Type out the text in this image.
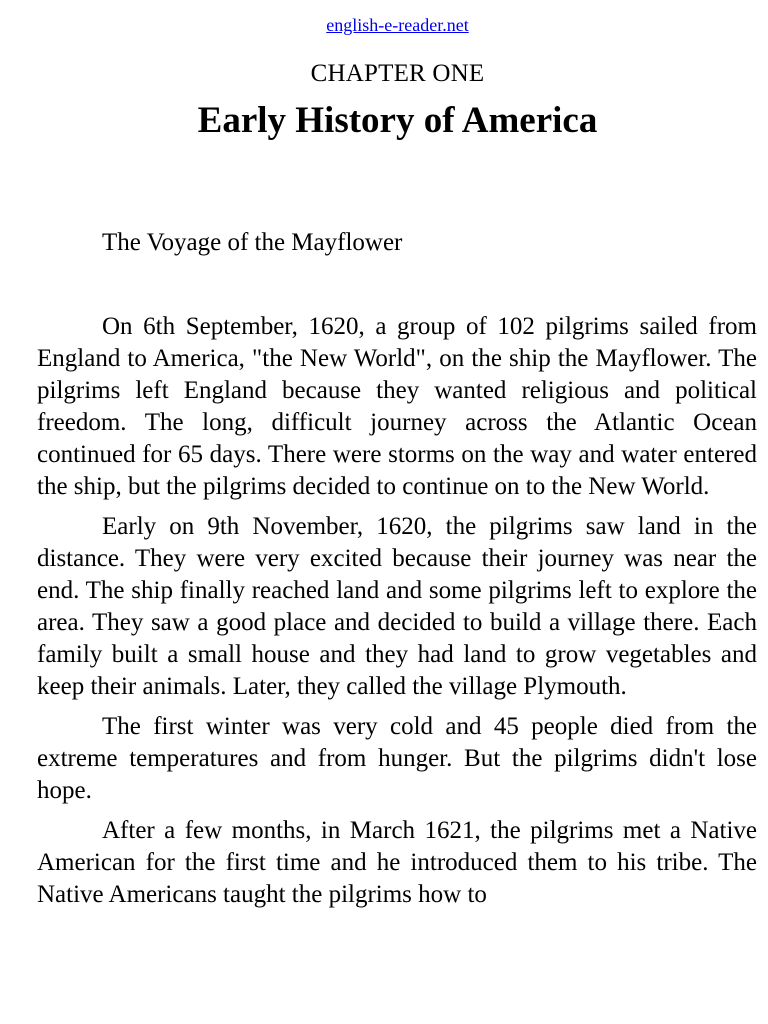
english-e-reader.net
CHAPTER ONE
Early History of America
The Voyage of the Mayflower

On 6th September, 1620, a group of 102 pilgrims sailed from England to America, "the New World", on the ship the Mayflower. The pilgrims left England because they wanted religious and political freedom. The long, difficult journey across the Atlantic Ocean continued for 65 days. There were storms on the way and water entered the ship, but the pilgrims decided to continue on to the New World.

Early on 9th November, 1620, the pilgrims saw land in the distance. They were very excited because their journey was near the end. The ship finally reached land and some pilgrims left to explore the area. They saw a good place and decided to build a village there. Each family built a small house and they had land to grow vegetables and keep their animals. Later, they called the village Plymouth.

The first winter was very cold and 45 people died from the extreme temperatures and from hunger. But the pilgrims didn't lose hope.

After a few months, in March 1621, the pilgrims met a Native American for the first time and he introduced them to his tribe. The Native Americans taught the pilgrims how to
